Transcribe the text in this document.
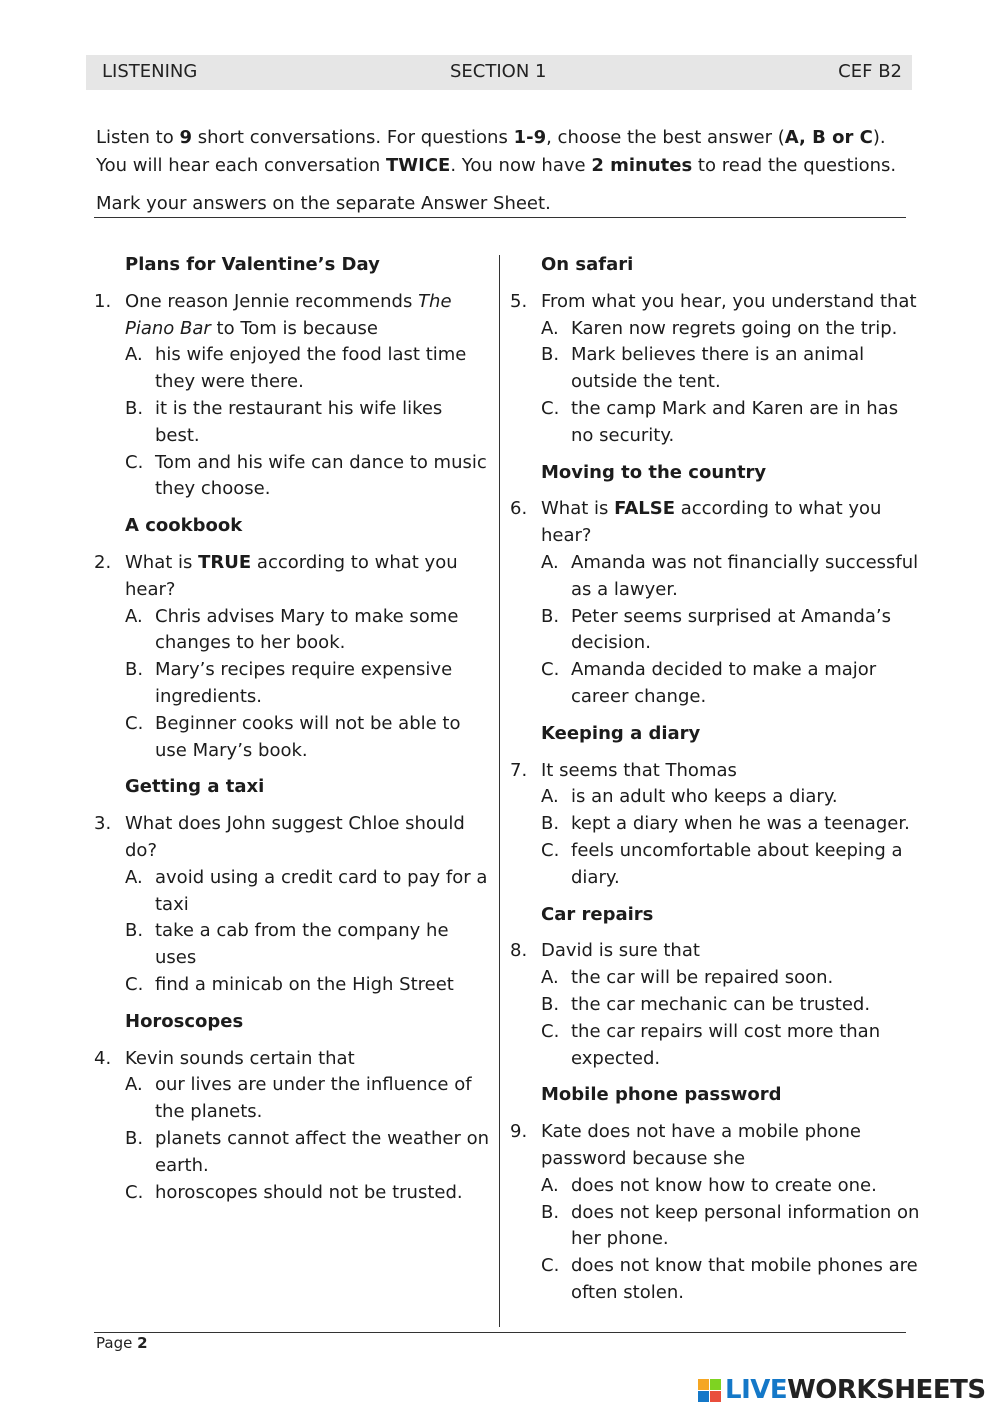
LISTENING	SECTION 1	CEF B2
Listen to 9 short conversations. For questions 1-9, choose the best answer (A, B or C).
You will hear each conversation TWICE. You now have 2 minutes to read the questions.
Mark your answers on the separate Answer Sheet.
Plans for Valentine’s Day
1. One reason Jennie recommends The Piano Bar to Tom is because
A. his wife enjoyed the food last time they were there.
B. it is the restaurant his wife likes best.
C. Tom and his wife can dance to music they choose.
A cookbook
2. What is TRUE according to what you hear?
A. Chris advises Mary to make some changes to her book.
B. Mary’s recipes require expensive ingredients.
C. Beginner cooks will not be able to use Mary’s book.
Getting a taxi
3. What does John suggest Chloe should do?
A. avoid using a credit card to pay for a taxi
B. take a cab from the company he uses
C. find a minicab on the High Street
Horoscopes
4. Kevin sounds certain that
A. our lives are under the influence of the planets.
B. planets cannot affect the weather on earth.
C. horoscopes should not be trusted.
On safari
5. From what you hear, you understand that
A. Karen now regrets going on the trip.
B. Mark believes there is an animal outside the tent.
C. the camp Mark and Karen are in has no security.
Moving to the country
6. What is FALSE according to what you hear?
A. Amanda was not financially successful as a lawyer.
B. Peter seems surprised at Amanda’s decision.
C. Amanda decided to make a major career change.
Keeping a diary
7. It seems that Thomas
A. is an adult who keeps a diary.
B. kept a diary when he was a teenager.
C. feels uncomfortable about keeping a diary.
Car repairs
8. David is sure that
A. the car will be repaired soon.
B. the car mechanic can be trusted.
C. the car repairs will cost more than expected.
Mobile phone password
9. Kate does not have a mobile phone password because she
A. does not know how to create one.
B. does not keep personal information on her phone.
C. does not know that mobile phones are often stolen.
Page 2
LIVEWORKSHEETS
